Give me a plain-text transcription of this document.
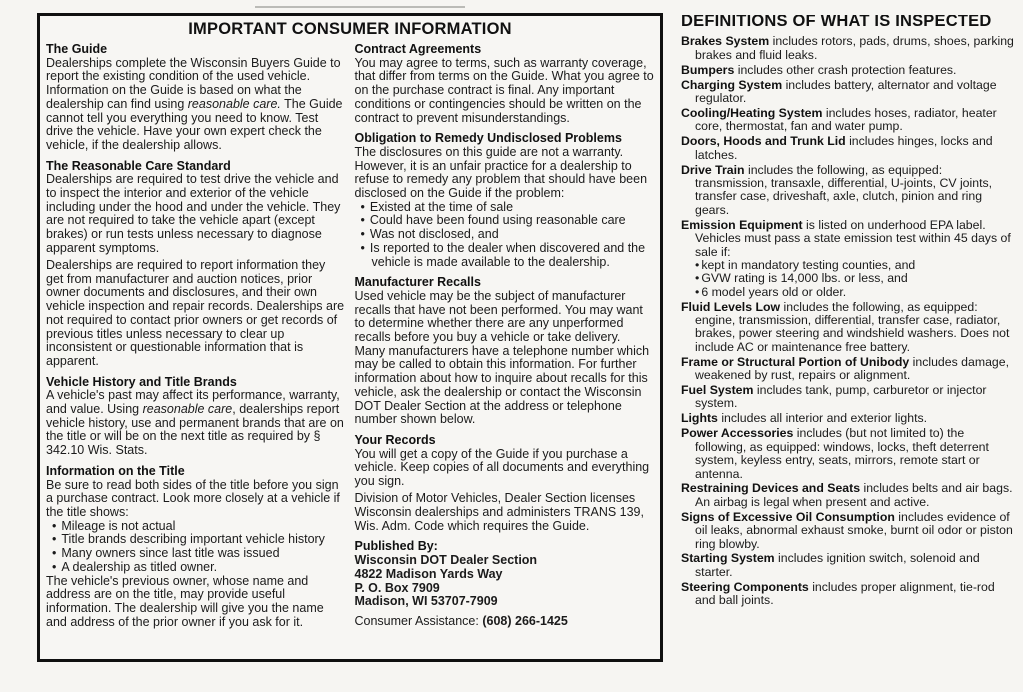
IMPORTANT CONSUMER INFORMATION
The Guide
Dealerships complete the Wisconsin Buyers Guide to report the existing condition of the used vehicle. Information on the Guide is based on what the dealership can find using reasonable care. The Guide cannot tell you everything you need to know. Test drive the vehicle. Have your own expert check the vehicle, if the dealership allows.
The Reasonable Care Standard
Dealerships are required to test drive the vehicle and to inspect the interior and exterior of the vehicle including under the hood and under the vehicle. They are not required to take the vehicle apart (except brakes) or run tests unless necessary to diagnose apparent symptoms.
Dealerships are required to report information they get from manufacturer and auction notices, prior owner documents and disclosures, and their own vehicle inspection and repair records. Dealerships are not required to contact prior owners or get records of previous titles unless necessary to clear up inconsistent or questionable information that is apparent.
Vehicle History and Title Brands
A vehicle's past may affect its performance, warranty, and value. Using reasonable care, dealerships report vehicle history, use and permanent brands that are on the title or will be on the next title as required by § 342.10 Wis. Stats.
Information on the Title
Be sure to read both sides of the title before you sign a purchase contract. Look more closely at a vehicle if the title shows:
• Mileage is not actual
• Title brands describing important vehicle history
• Many owners since last title was issued
• A dealership as titled owner.
The vehicle's previous owner, whose name and address are on the title, may provide useful information. The dealership will give you the name and address of the prior owner if you ask for it.
Contract Agreements
You may agree to terms, such as warranty coverage, that differ from terms on the Guide. What you agree to on the purchase contract is final. Any important conditions or contingencies should be written on the contract to prevent misunderstandings.
Obligation to Remedy Undisclosed Problems
The disclosures on this guide are not a warranty. However, it is an unfair practice for a dealership to refuse to remedy any problem that should have been disclosed on the Guide if the problem:
• Existed at the time of sale
• Could have been found using reasonable care
• Was not disclosed, and
• Is reported to the dealer when discovered and the vehicle is made available to the dealership.
Manufacturer Recalls
Used vehicle may be the subject of manufacturer recalls that have not been performed. You may want to determine whether there are any unperformed recalls before you buy a vehicle or take delivery. Many manufacturers have a telephone number which may be called to obtain this information. For further information about how to inquire about recalls for this vehicle, ask the dealership or contact the Wisconsin DOT Dealer Section at the address or telephone number shown below.
Your Records
You will get a copy of the Guide if you purchase a vehicle. Keep copies of all documents and everything you sign.
Division of Motor Vehicles, Dealer Section licenses Wisconsin dealerships and administers TRANS 139, Wis. Adm. Code which requires the Guide.
Published By:
Wisconsin DOT Dealer Section
4822 Madison Yards Way
P. O. Box 7909
Madison, WI 53707-7909
Consumer Assistance: (608) 266-1425
DEFINITIONS OF WHAT IS INSPECTED
Brakes System includes rotors, pads, drums, shoes, parking brakes and fluid leaks.
Bumpers includes other crash protection features.
Charging System includes battery, alternator and voltage regulator.
Cooling/Heating System includes hoses, radiator, heater core, thermostat, fan and water pump.
Doors, Hoods and Trunk Lid includes hinges, locks and latches.
Drive Train includes the following, as equipped: transmission, transaxle, differential, U-joints, CV joints, transfer case, driveshaft, axle, clutch, pinion and ring gears.
Emission Equipment is listed on underhood EPA label. Vehicles must pass a state emission test within 45 days of sale if:
• kept in mandatory testing counties, and
• GVW rating is 14,000 lbs. or less, and
• 6 model years old or older.
Fluid Levels Low includes the following, as equipped: engine, transmission, differential, transfer case, radiator, brakes, power steering and windshield washers. Does not include AC or maintenance free battery.
Frame or Structural Portion of Unibody includes damage, weakened by rust, repairs or alignment.
Fuel System includes tank, pump, carburetor or injector system.
Lights includes all interior and exterior lights.
Power Accessories includes (but not limited to) the following, as equipped: windows, locks, theft deterrent system, keyless entry, seats, mirrors, remote start or antenna.
Restraining Devices and Seats includes belts and air bags. An airbag is legal when present and active.
Signs of Excessive Oil Consumption includes evidence of oil leaks, abnormal exhaust smoke, burnt oil odor or piston ring blowby.
Starting System includes ignition switch, solenoid and starter.
Steering Components includes proper alignment, tie-rod and ball joints.
